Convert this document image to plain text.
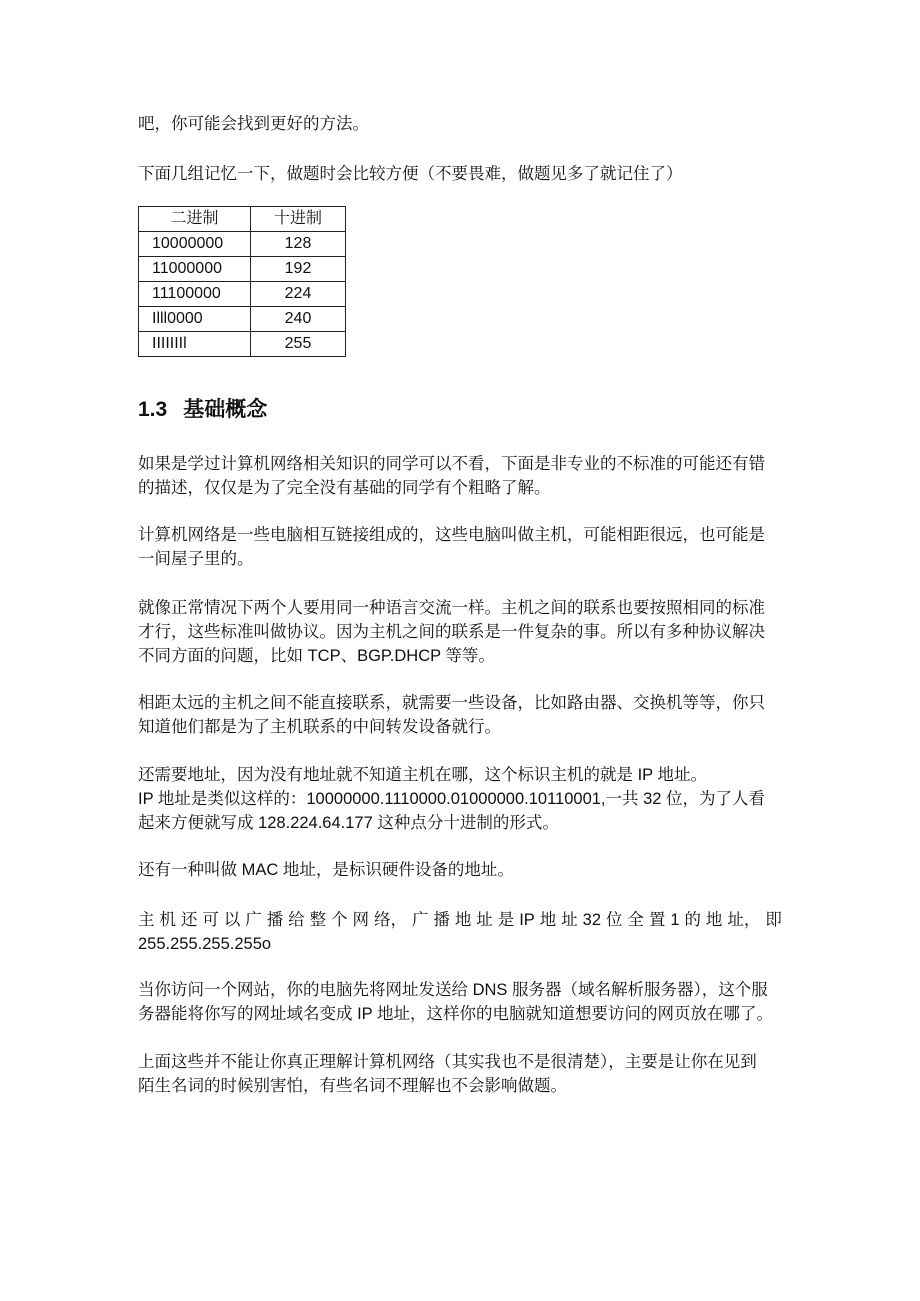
吧，你可能会找到更好的方法。

下面几组记忆一下，做题时会比较方便（不要畏难，做题见多了就记住了）

二进制	十进制
10000000	128
11000000	192
11100000	224
Illl0000	240
IIIIIIIl	255
1.3 基础概念
如果是学过计算机网络相关知识的同学可以不看，下面是非专业的不标准的可能还有错
的描述，仅仅是为了完全没有基础的同学有个粗略了解。
计算机网络是一些电脑相互链接组成的，这些电脑叫做主机，可能相距很远，也可能是
一间屋子里的。
就像正常情况下两个人要用同一种语言交流一样。主机之间的联系也要按照相同的标准
才行，这些标准叫做协议。因为主机之间的联系是一件复杂的事。所以有多种协议解决
不同方面的问题，比如 TCP、BGP.DHCP 等等。
相距太远的主机之间不能直接联系，就需要一些设备，比如路由器、交换机等等，你只
知道他们都是为了主机联系的中间转发设备就行。
还需要地址，因为没有地址就不知道主机在哪，这个标识主机的就是 IP 地址。
IP 地址是类似这样的：10000000.1110000.01000000.10110001,一共 32 位，为了人看
起来方便就写成 128.224.64.177 这种点分十进制的形式。
还有一种叫做 MAC 地址，是标识硬件设备的地址。
主 机 还 可 以 广 播 给 整 个 网 络， 广 播 地 址 是 IP 地 址 32 位 全 置 1 的 地 址， 即
255.255.255.255o
当你访问一个网站，你的电脑先将网址发送给 DNS 服务器（域名解析服务器），这个服
务器能将你写的网址域名变成 IP 地址，这样你的电脑就知道想要访问的网页放在哪了。
上面这些并不能让你真正理解计算机网络（其实我也不是很清楚），主要是让你在见到
陌生名词的时候别害怕，有些名词不理解也不会影响做题。
